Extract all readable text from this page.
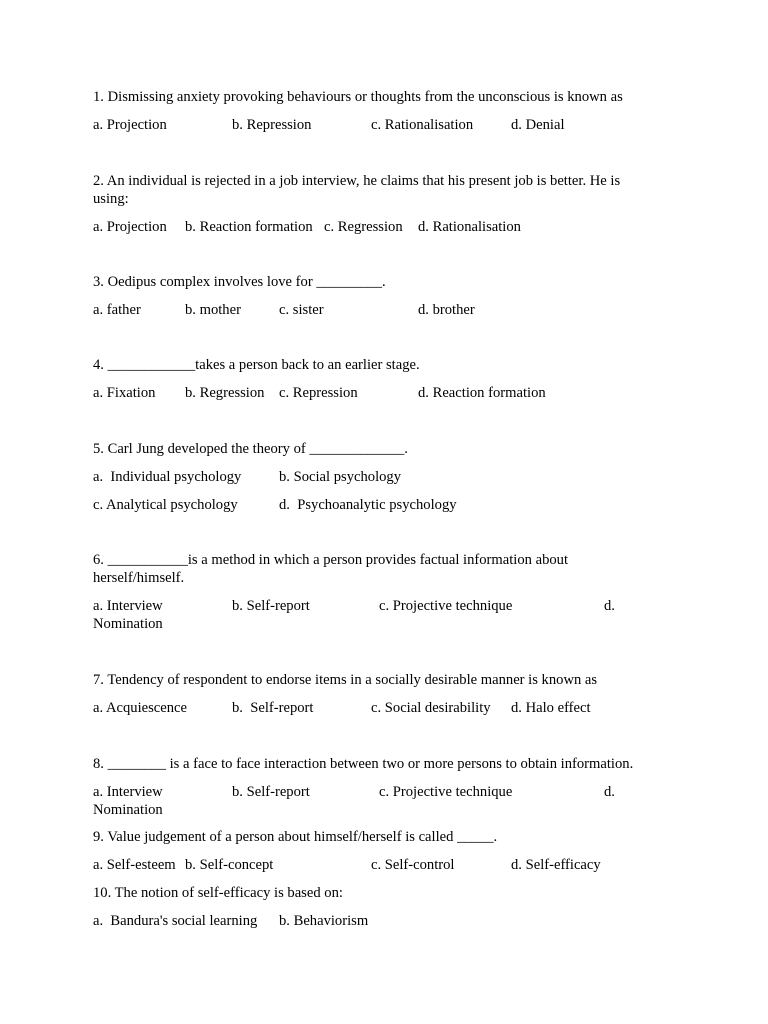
1. Dismissing anxiety provoking behaviours or thoughts from the unconscious is known as
a. Projection	b. Repression	c. Rationalisation	d. Denial
2. An individual is rejected in a job interview, he claims that his present job is better. He is
using:
a. Projection b. Reaction formation c. Regression d. Rationalisation
3. Oedipus complex involves love for _________.
a. father	b. mother	c. sister	d. brother
4. ____________takes a person back to an earlier stage.
a. Fixation b. Regression c. Repression	d. Reaction formation
5. Carl Jung developed the theory of _____________.
a.  Individual psychology	b. Social psychology
c. Analytical psychology	d.  Psychoanalytic psychology
6. ___________is a method in which a person provides factual information about
herself/himself.
a. Interview	b. Self-report	c. Projective technique	d.
Nomination
7. Tendency of respondent to endorse items in a socially desirable manner is known as
a. Acquiescence	b.  Self-report	c. Social desirability d. Halo effect
8. ________ is a face to face interaction between two or more persons to obtain information.
a. Interview	b. Self-report	c. Projective technique	d.
Nomination
9. Value judgement of a person about himself/herself is called _____.
a. Self-esteem b. Self-concept	c. Self-control	d. Self-efficacy
10. The notion of self-efficacy is based on:
a.  Bandura's social learning b. Behaviorism
